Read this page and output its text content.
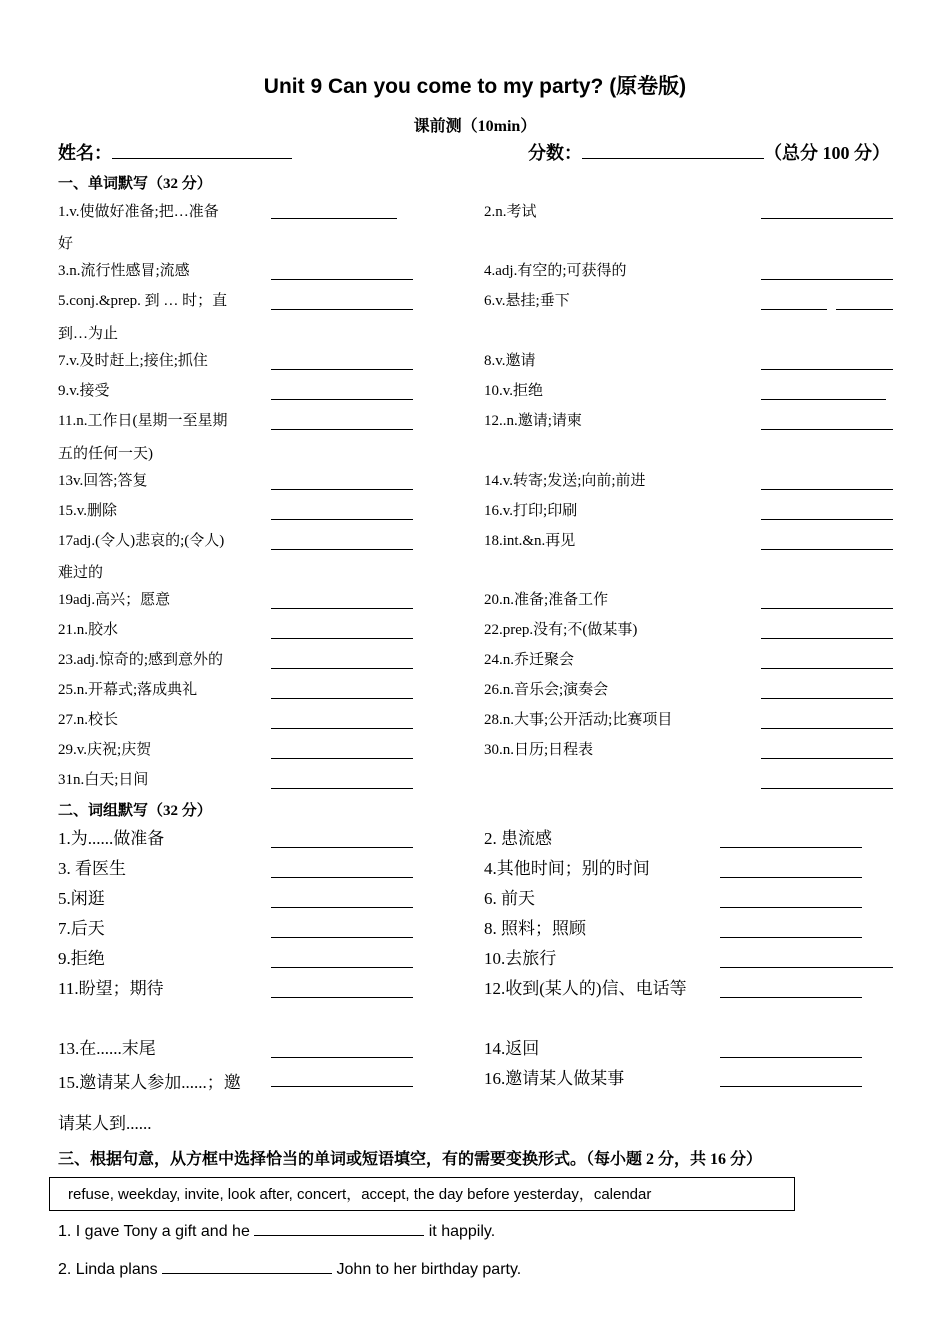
Unit 9 Can you come to my party? (原卷版)
课前测（10min）
姓名：	分数：	（总分 100 分）
一、单词默写（32 分）
1.v.使做好准备;把…准备	2.n.考试
好
3.n.流行性感冒;流感	4.adj.有空的;可获得的
5.conj.&prep. 到 … 时；直	6.v.悬挂;垂下
到…为止
7.v.及时赶上;接住;抓住	8.v.邀请
9.v.接受	10.v.拒绝
11.n.工作日(星期一至星期	12..n.邀请;请柬
五的任何一天)
13v.回答;答复	14.v.转寄;发送;向前;前进
15.v.删除	16.v.打印;印刷
17adj.(令人)悲哀的;(令人)	18.int.&n.再见
难过的
19adj.高兴；愿意	20.n.准备;准备工作
21.n.胶水	22.prep.没有;不(做某事)
23.adj.惊奇的;感到意外的	24.n.乔迁聚会
25.n.开幕式;落成典礼	26.n.音乐会;演奏会
27.n.校长	28.n.大事;公开活动;比赛项目
29.v.庆祝;庆贺	30.n.日历;日程表
31n.白天;日间
二、词组默写（32 分）
1.为......做准备	2. 患流感
3. 看医生	4.其他时间；别的时间
5.闲逛	6. 前天
7.后天	8. 照料；照顾
9.拒绝	10.去旅行
11.盼望；期待	12.收到(某人的)信、电话等
13.在......末尾	14.返回
15.邀请某人参加......；邀	16.邀请某人做某事
请某人到......
三、根据句意，从方框中选择恰当的单词或短语填空，有的需要变换形式。（每小题 2 分，共 16 分）
refuse, weekday, invite, look after, concert，accept, the day before yesterday，calendar
1. I gave Tony a gift and he	it happily.
2. Linda plans	John to her birthday party.
